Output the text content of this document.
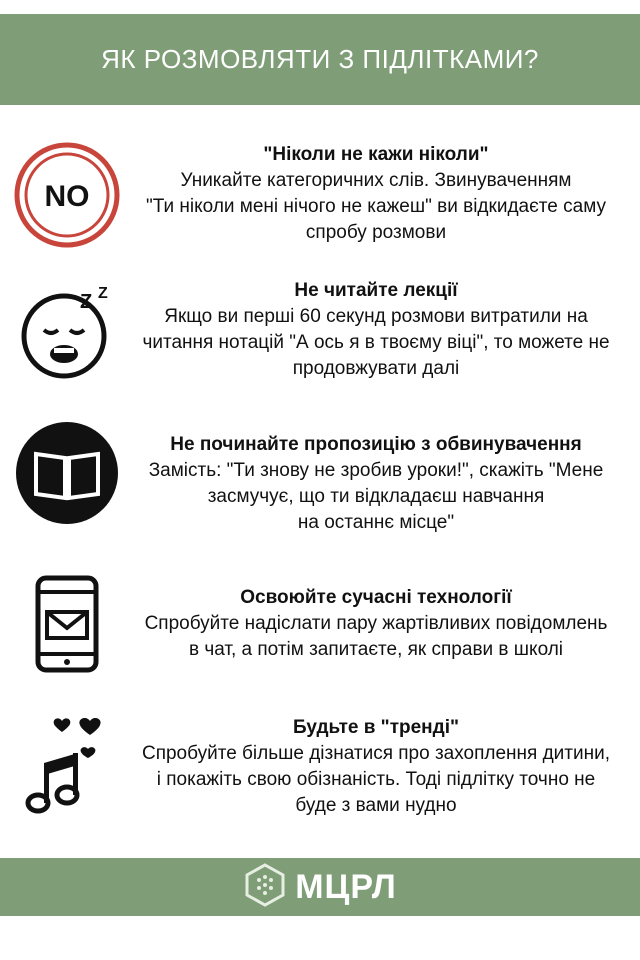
ЯК РОЗМОВЛЯТИ З ПІДЛІТКАМИ?
NO
"Ніколи не кажи ніколи"
Уникайте категоричних слів. Звинуваченням
"Ти ніколи мені нічого не кажеш" ви відкидаєте саму
спробу розмови
Z Z	Не читайте лекції
Якщо ви перші 60 секунд розмови витратили на
читання нотацій "А ось я в твоєму віці", то можете не
продовжувати далі
Не починайте пропозицію з обвинувачення
Замість: "Ти знову не зробив уроки!", скажіть "Мене
засмучує, що ти відкладаєш навчання
на останнє місце"
Освоюйте сучасні технології
Спробуйте надіслати пару жартівливих повідомлень
в чат, а потім запитаєте, як справи в школі
Будьте в "тренді"
Спробуйте більше дізнатися про захоплення дитини,
і покажіть свою обізнаність. Тоді підлітку точно не
буде з вами нудно
МЦРЛ
